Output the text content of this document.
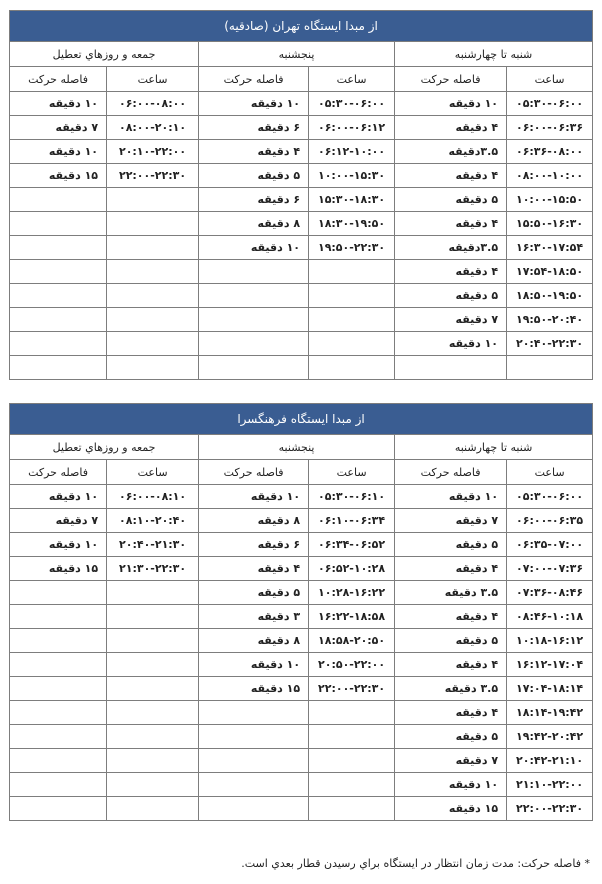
از مبدا ايستگاه تهران (صادقيه)					
شنبه تا چهارشنبه		پنجشنبه		جمعه و روزهاي تعطيل	
ساعت	فاصله حرکت	ساعت	فاصله حرکت	ساعت	فاصله حرکت
۰۵:۳۰-۰۶:۰۰	۱۰ دقيقه	۰۵:۳۰-۰۶:۰۰	۱۰ دقيقه	۰۶:۰۰-۰۸:۰۰	۱۰ دقيقه
۰۶:۰۰-۰۶:۳۶	۴ دقيقه	۰۶:۰۰-۰۶:۱۲	۶ دقيقه	۰۸:۰۰-۲۰:۱۰	۷ دقيقه
۰۶:۳۶-۰۸:۰۰	۳.۵دقيقه	۰۶:۱۲-۱۰:۰۰	۴ دقيقه	۲۰:۱۰-۲۲:۰۰	۱۰ دقيقه
۰۸:۰۰-۱۰:۰۰	۴ دقيقه	۱۰:۰۰-۱۵:۳۰	۵ دقيقه	۲۲:۰۰-۲۲:۳۰	۱۵ دقيقه
۱۰:۰۰-۱۵:۵۰	۵ دقيقه	۱۵:۳۰-۱۸:۳۰	۶ دقيقه		
۱۵:۵۰-۱۶:۳۰	۴ دقيقه	۱۸:۳۰-۱۹:۵۰	۸ دقيقه		
۱۶:۳۰-۱۷:۵۴	۳.۵دقيقه	۱۹:۵۰-۲۲:۳۰	۱۰ دقيقه		
۱۷:۵۴-۱۸:۵۰	۴ دقيقه				
۱۸:۵۰-۱۹:۵۰	۵ دقيقه				
۱۹:۵۰-۲۰:۴۰	۷ دقيقه				
۲۰:۴۰-۲۲:۳۰	۱۰ دقيقه				

از مبدا ايستگاه فرهنگسرا					
شنبه تا چهارشنبه		پنجشنبه		جمعه و روزهاي تعطيل	
ساعت	فاصله حرکت	ساعت	فاصله حرکت	ساعت	فاصله حرکت
۰۵:۳۰-۰۶:۰۰	۱۰ دقيقه	۰۵:۳۰-۰۶:۱۰	۱۰ دقيقه	۰۶:۰۰-۰۸:۱۰	۱۰ دقيقه
۰۶:۰۰-۰۶:۳۵	۷ دقيقه	۰۶:۱۰-۰۶:۳۴	۸ دقيقه	۰۸:۱۰-۲۰:۴۰	۷ دقيقه
۰۶:۳۵-۰۷:۰۰	۵ دقيقه	۰۶:۳۴-۰۶:۵۲	۶ دقيقه	۲۰:۴۰-۲۱:۳۰	۱۰ دقيقه
۰۷:۰۰-۰۷:۳۶	۴ دقيقه	۰۶:۵۲-۱۰:۲۸	۴ دقيقه	۲۱:۳۰-۲۲:۳۰	۱۵ دقيقه
۰۷:۳۶-۰۸:۴۶	۳.۵ دقيقه	۱۰:۲۸-۱۶:۲۲	۵ دقيقه		
۰۸:۴۶-۱۰:۱۸	۴ دقيقه	۱۶:۲۲-۱۸:۵۸	۳ دقيقه		
۱۰:۱۸-۱۶:۱۲	۵ دقيقه	۱۸:۵۸-۲۰:۵۰	۸ دقيقه		
۱۶:۱۲-۱۷:۰۴	۴ دقيقه	۲۰:۵۰-۲۲:۰۰	۱۰ دقيقه		
۱۷:۰۴-۱۸:۱۴	۳.۵ دقيقه	۲۲:۰۰-۲۲:۳۰	۱۵ دقيقه		
۱۸:۱۴-۱۹:۴۲	۴ دقيقه				
۱۹:۴۲-۲۰:۴۲	۵ دقيقه				
۲۰:۴۲-۲۱:۱۰	۷ دقيقه				
۲۱:۱۰-۲۲:۰۰	۱۰ دقيقه				
۲۲:۰۰-۲۲:۳۰	۱۵ دقيقه				
* فاصله حرکت: مدت زمان انتظار در ايستگاه براي رسيدن قطار بعدي است.
